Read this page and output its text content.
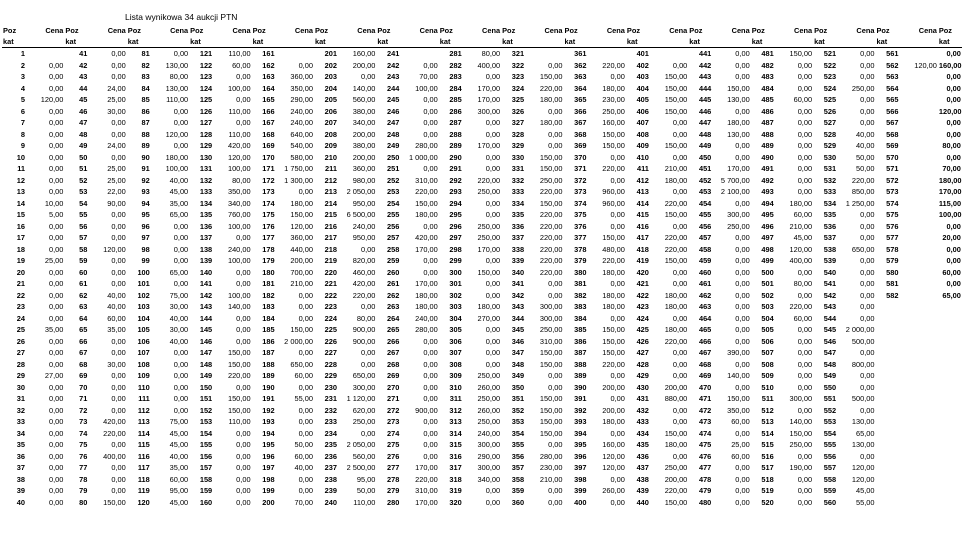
Lista wynikowa 34 aukcji PTN
Poz	Cena	Poz	Cena	Poz	Cena	Poz	Cena	Poz	Cena	Poz	Cena	Poz	Cena	Poz	Cena	Poz	Cena	Poz	Cena	Poz	Cena	Poz	Cena	Poz	Cena	Poz	Cena	Poz	Cena	Poz
kat		kat		kat		kat		kat		kat		kat		kat		kat		kat		kat		kat		kat		kat		kat		kat
1		41	0,00	81	0,00	121	110,00	161		201	160,00	241		281	80,00	321		361		401		441	0,00	481	150,00	521	0,00	561		0,00
2	0,00	42	0,00	82	130,00	122	60,00	162	0,00	202	200,00	242	0,00	282	400,00	322	0,00	362	220,00	402	0,00	442	0,00	482	0,00	522	0,00	562	120,00	160,00
3	0,00	43	0,00	83	80,00	123	0,00	163	360,00	203	0,00	243	70,00	283	0,00	323	150,00	363	0,00	403	150,00	443	0,00	483	0,00	523	0,00	563		0,00
4	0,00	44	24,00	84	130,00	124	100,00	164	350,00	204	140,00	244	100,00	284	170,00	324	220,00	364	180,00	404	150,00	444	150,00	484	0,00	524	250,00	564		0,00
5	120,00	45	25,00	85	110,00	125	0,00	165	290,00	205	560,00	245	0,00	285	170,00	325	180,00	365	230,00	405	150,00	445	130,00	485	60,00	525	0,00	565		0,00
6	0,00	46	30,00	86	0,00	126	110,00	166	240,00	206	380,00	246	0,00	286	300,00	326	0,00	366	250,00	406	150,00	446	0,00	486	0,00	526	0,00	566		120,00
7	0,00	47	0,00	87	0,00	127	0,00	167	240,00	207	340,00	247	0,00	287	0,00	327	180,00	367	160,00	407	0,00	447	180,00	487	0,00	527	0,00	567		0,00
8	0,00	48	0,00	88	120,00	128	110,00	168	640,00	208	200,00	248	0,00	288	0,00	328	0,00	368	150,00	408	0,00	448	130,00	488	0,00	528	40,00	568		0,00
9	0,00	49	24,00	89	0,00	129	420,00	169	540,00	209	380,00	249	280,00	289	170,00	329	0,00	369	150,00	409	150,00	449	0,00	489	0,00	529	40,00	569		80,00
10	0,00	50	0,00	90	180,00	130	120,00	170	580,00	210	200,00	250	1 000,00	290	0,00	330	150,00	370	0,00	410	0,00	450	0,00	490	0,00	530	50,00	570		0,00
11	0,00	51	25,00	91	100,00	131	100,00	171	1 750,00	211	360,00	251	0,00	291	0,00	331	150,00	371	220,00	411	210,00	451	170,00	491	0,00	531	50,00	571		70,00
12	0,00	52	25,00	92	40,00	132	80,00	172	1 300,00	212	980,00	252	310,00	292	220,00	332	250,00	372	0,00	412	180,00	452	5 700,00	492	0,00	532	220,00	572		180,00
13	0,00	53	22,00	93	45,00	133	350,00	173	0,00	213	2 050,00	253	220,00	293	250,00	333	220,00	373	960,00	413	0,00	453	2 100,00	493	0,00	533	850,00	573		170,00
14	10,00	54	90,00	94	35,00	134	340,00	174	180,00	214	950,00	254	150,00	294	0,00	334	150,00	374	960,00	414	220,00	454	0,00	494	180,00	534	1 250,00	574		115,00
15	5,00	55	0,00	95	65,00	135	760,00	175	150,00	215	6 500,00	255	180,00	295	0,00	335	220,00	375	0,00	415	150,00	455	300,00	495	60,00	535	0,00	575		100,00
16	0,00	56	0,00	96	0,00	136	100,00	176	120,00	216	240,00	256	0,00	296	250,00	336	220,00	376	0,00	416	0,00	456	250,00	496	210,00	536	0,00	576		0,00
17	0,00	57	0,00	97	0,00	137	0,00	177	360,00	217	950,00	257	420,00	297	250,00	337	220,00	377	150,00	417	220,00	457	0,00	497	45,00	537	0,00	577		20,00
18	0,00	58	120,00	98	0,00	138	240,00	178	440,00	218	0,00	258	170,00	298	170,00	338	220,00	378	480,00	418	220,00	458	0,00	498	120,00	538	650,00	578		0,00
19	25,00	59	0,00	99	0,00	139	100,00	179	200,00	219	820,00	259	0,00	299	0,00	339	220,00	379	220,00	419	150,00	459	0,00	499	400,00	539	0,00	579		0,00
20	0,00	60	0,00	100	65,00	140	0,00	180	700,00	220	460,00	260	0,00	300	150,00	340	220,00	380	180,00	420	0,00	460	0,00	500	0,00	540	0,00	580		60,00
21	0,00	61	0,00	101	0,00	141	0,00	181	210,00	221	420,00	261	170,00	301	0,00	341	0,00	381	0,00	421	0,00	461	0,00	501	80,00	541	0,00	581		0,00
22	0,00	62	40,00	102	75,00	142	100,00	182	0,00	222	220,00	262	180,00	302	0,00	342	0,00	382	180,00	422	180,00	462	0,00	502	0,00	542	0,00	582		65,00
23	0,00	63	40,00	103	30,00	143	140,00	183	0,00	223	0,00	263	180,00	303	180,00	343	300,00	383	180,00	423	180,00	463	0,00	503	220,00	543	0,00			
24	0,00	64	60,00	104	40,00	144	0,00	184	0,00	224	80,00	264	240,00	304	270,00	344	300,00	384	0,00	424	0,00	464	0,00	504	60,00	544	0,00			
25	35,00	65	35,00	105	30,00	145	0,00	185	150,00	225	900,00	265	280,00	305	0,00	345	250,00	385	150,00	425	180,00	465	0,00	505	0,00	545	2 000,00			
26	0,00	66	0,00	106	40,00	146	0,00	186	2 000,00	226	900,00	266	0,00	306	0,00	346	310,00	386	150,00	426	220,00	466	0,00	506	0,00	546	500,00			
27	0,00	67	0,00	107	0,00	147	150,00	187	0,00	227	0,00	267	0,00	307	0,00	347	150,00	387	150,00	427	0,00	467	390,00	507	0,00	547	0,00			
28	0,00	68	30,00	108	0,00	148	150,00	188	650,00	228	0,00	268	0,00	308	0,00	348	150,00	388	220,00	428	0,00	468	0,00	508	0,00	548	800,00			
29	27,00	69	0,00	109	0,00	149	220,00	189	60,00	229	650,00	269	0,00	309	250,00	349	0,00	389	0,00	429	0,00	469	140,00	509	0,00	549	0,00			
30	0,00	70	0,00	110	0,00	150	0,00	190	0,00	230	300,00	270	0,00	310	260,00	350	0,00	390	200,00	430	200,00	470	0,00	510	0,00	550	0,00			
31	0,00	71	0,00	111	0,00	151	150,00	191	55,00	231	1 120,00	271	0,00	311	250,00	351	150,00	391	0,00	431	880,00	471	150,00	511	300,00	551	500,00			
32	0,00	72	0,00	112	0,00	152	150,00	192	0,00	232	620,00	272	900,00	312	260,00	352	150,00	392	200,00	432	0,00	472	350,00	512	0,00	552	0,00			
33	0,00	73	420,00	113	75,00	153	110,00	193	0,00	233	250,00	273	0,00	313	250,00	353	150,00	393	180,00	433	0,00	473	60,00	513	140,00	553	130,00			
34	0,00	74	220,00	114	45,00	154	0,00	194	0,00	234	0,00	274	0,00	314	240,00	354	150,00	394	0,00	434	150,00	474	0,00	514	150,00	554	65,00			
35	0,00	75	0,00	115	45,00	155	0,00	195	50,00	235	2 050,00	275	0,00	315	300,00	355	0,00	395	160,00	435	180,00	475	25,00	515	250,00	555	130,00			
36	0,00	76	400,00	116	40,00	156	0,00	196	60,00	236	560,00	276	0,00	316	290,00	356	280,00	396	120,00	436	0,00	476	60,00	516	0,00	556	0,00			
37	0,00	77	0,00	117	35,00	157	0,00	197	40,00	237	2 500,00	277	170,00	317	300,00	357	230,00	397	120,00	437	250,00	477	0,00	517	190,00	557	120,00			
38	0,00	78	0,00	118	60,00	158	0,00	198	0,00	238	95,00	278	220,00	318	340,00	358	210,00	398	0,00	438	200,00	478	0,00	518	0,00	558	120,00			
39	0,00	79	0,00	119	95,00	159	0,00	199	0,00	239	50,00	279	310,00	319	0,00	359	0,00	399	260,00	439	220,00	479	0,00	519	0,00	559	45,00			
40	0,00	80	150,00	120	45,00	160	0,00	200	70,00	240	110,00	280	170,00	320	0,00	360	0,00	400	0,00	440	150,00	480	0,00	520	0,00	560	55,00			
